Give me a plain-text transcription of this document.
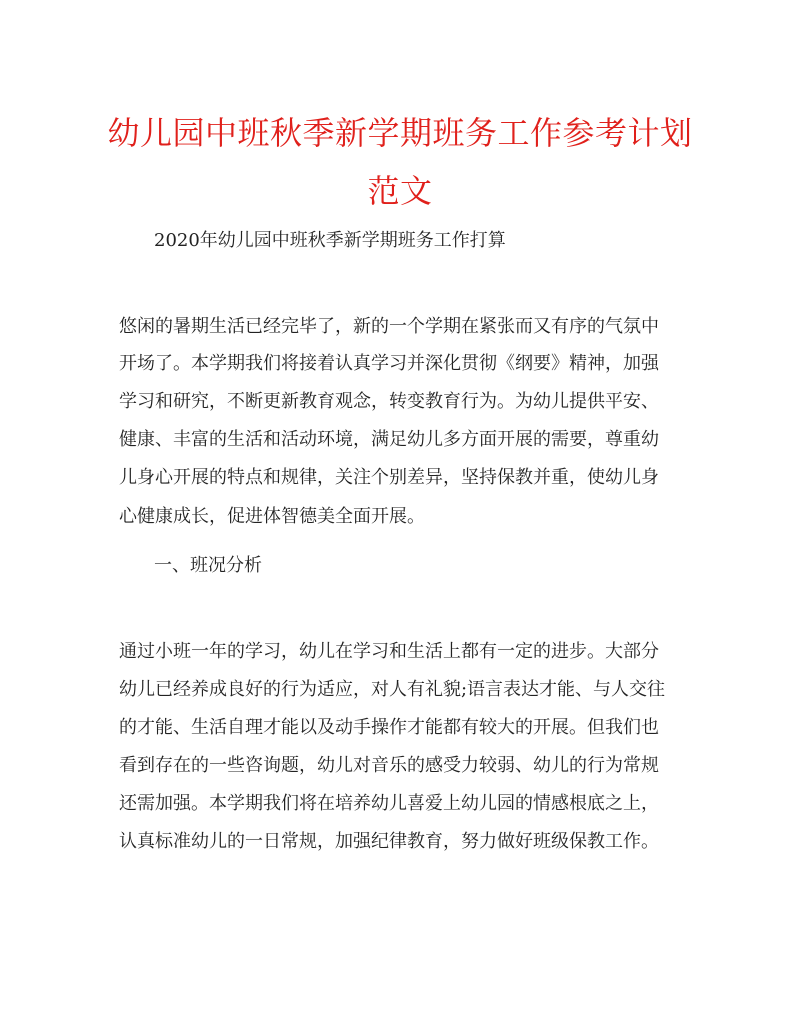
幼儿园中班秋季新学期班务工作参考计划
范文
2020年幼儿园中班秋季新学期班务工作打算
悠闲的暑期生活已经完毕了，新的一个学期在紧张而又有序的气氛中
开场了。本学期我们将接着认真学习并深化贯彻《纲要》精神，加强
学习和研究，不断更新教育观念，转变教育行为。为幼儿提供平安、
健康、丰富的生活和活动环境，满足幼儿多方面开展的需要，尊重幼
儿身心开展的特点和规律，关注个别差异，坚持保教并重，使幼儿身
心健康成长，促进体智德美全面开展。
一、班况分析
通过小班一年的学习，幼儿在学习和生活上都有一定的进步。大部分
幼儿已经养成良好的行为适应，对人有礼貌;语言表达才能、与人交往
的才能、生活自理才能以及动手操作才能都有较大的开展。但我们也
看到存在的一些咨询题，幼儿对音乐的感受力较弱、幼儿的行为常规
还需加强。本学期我们将在培养幼儿喜爱上幼儿园的情感根底之上，
认真标准幼儿的一日常规，加强纪律教育，努力做好班级保教工作。
